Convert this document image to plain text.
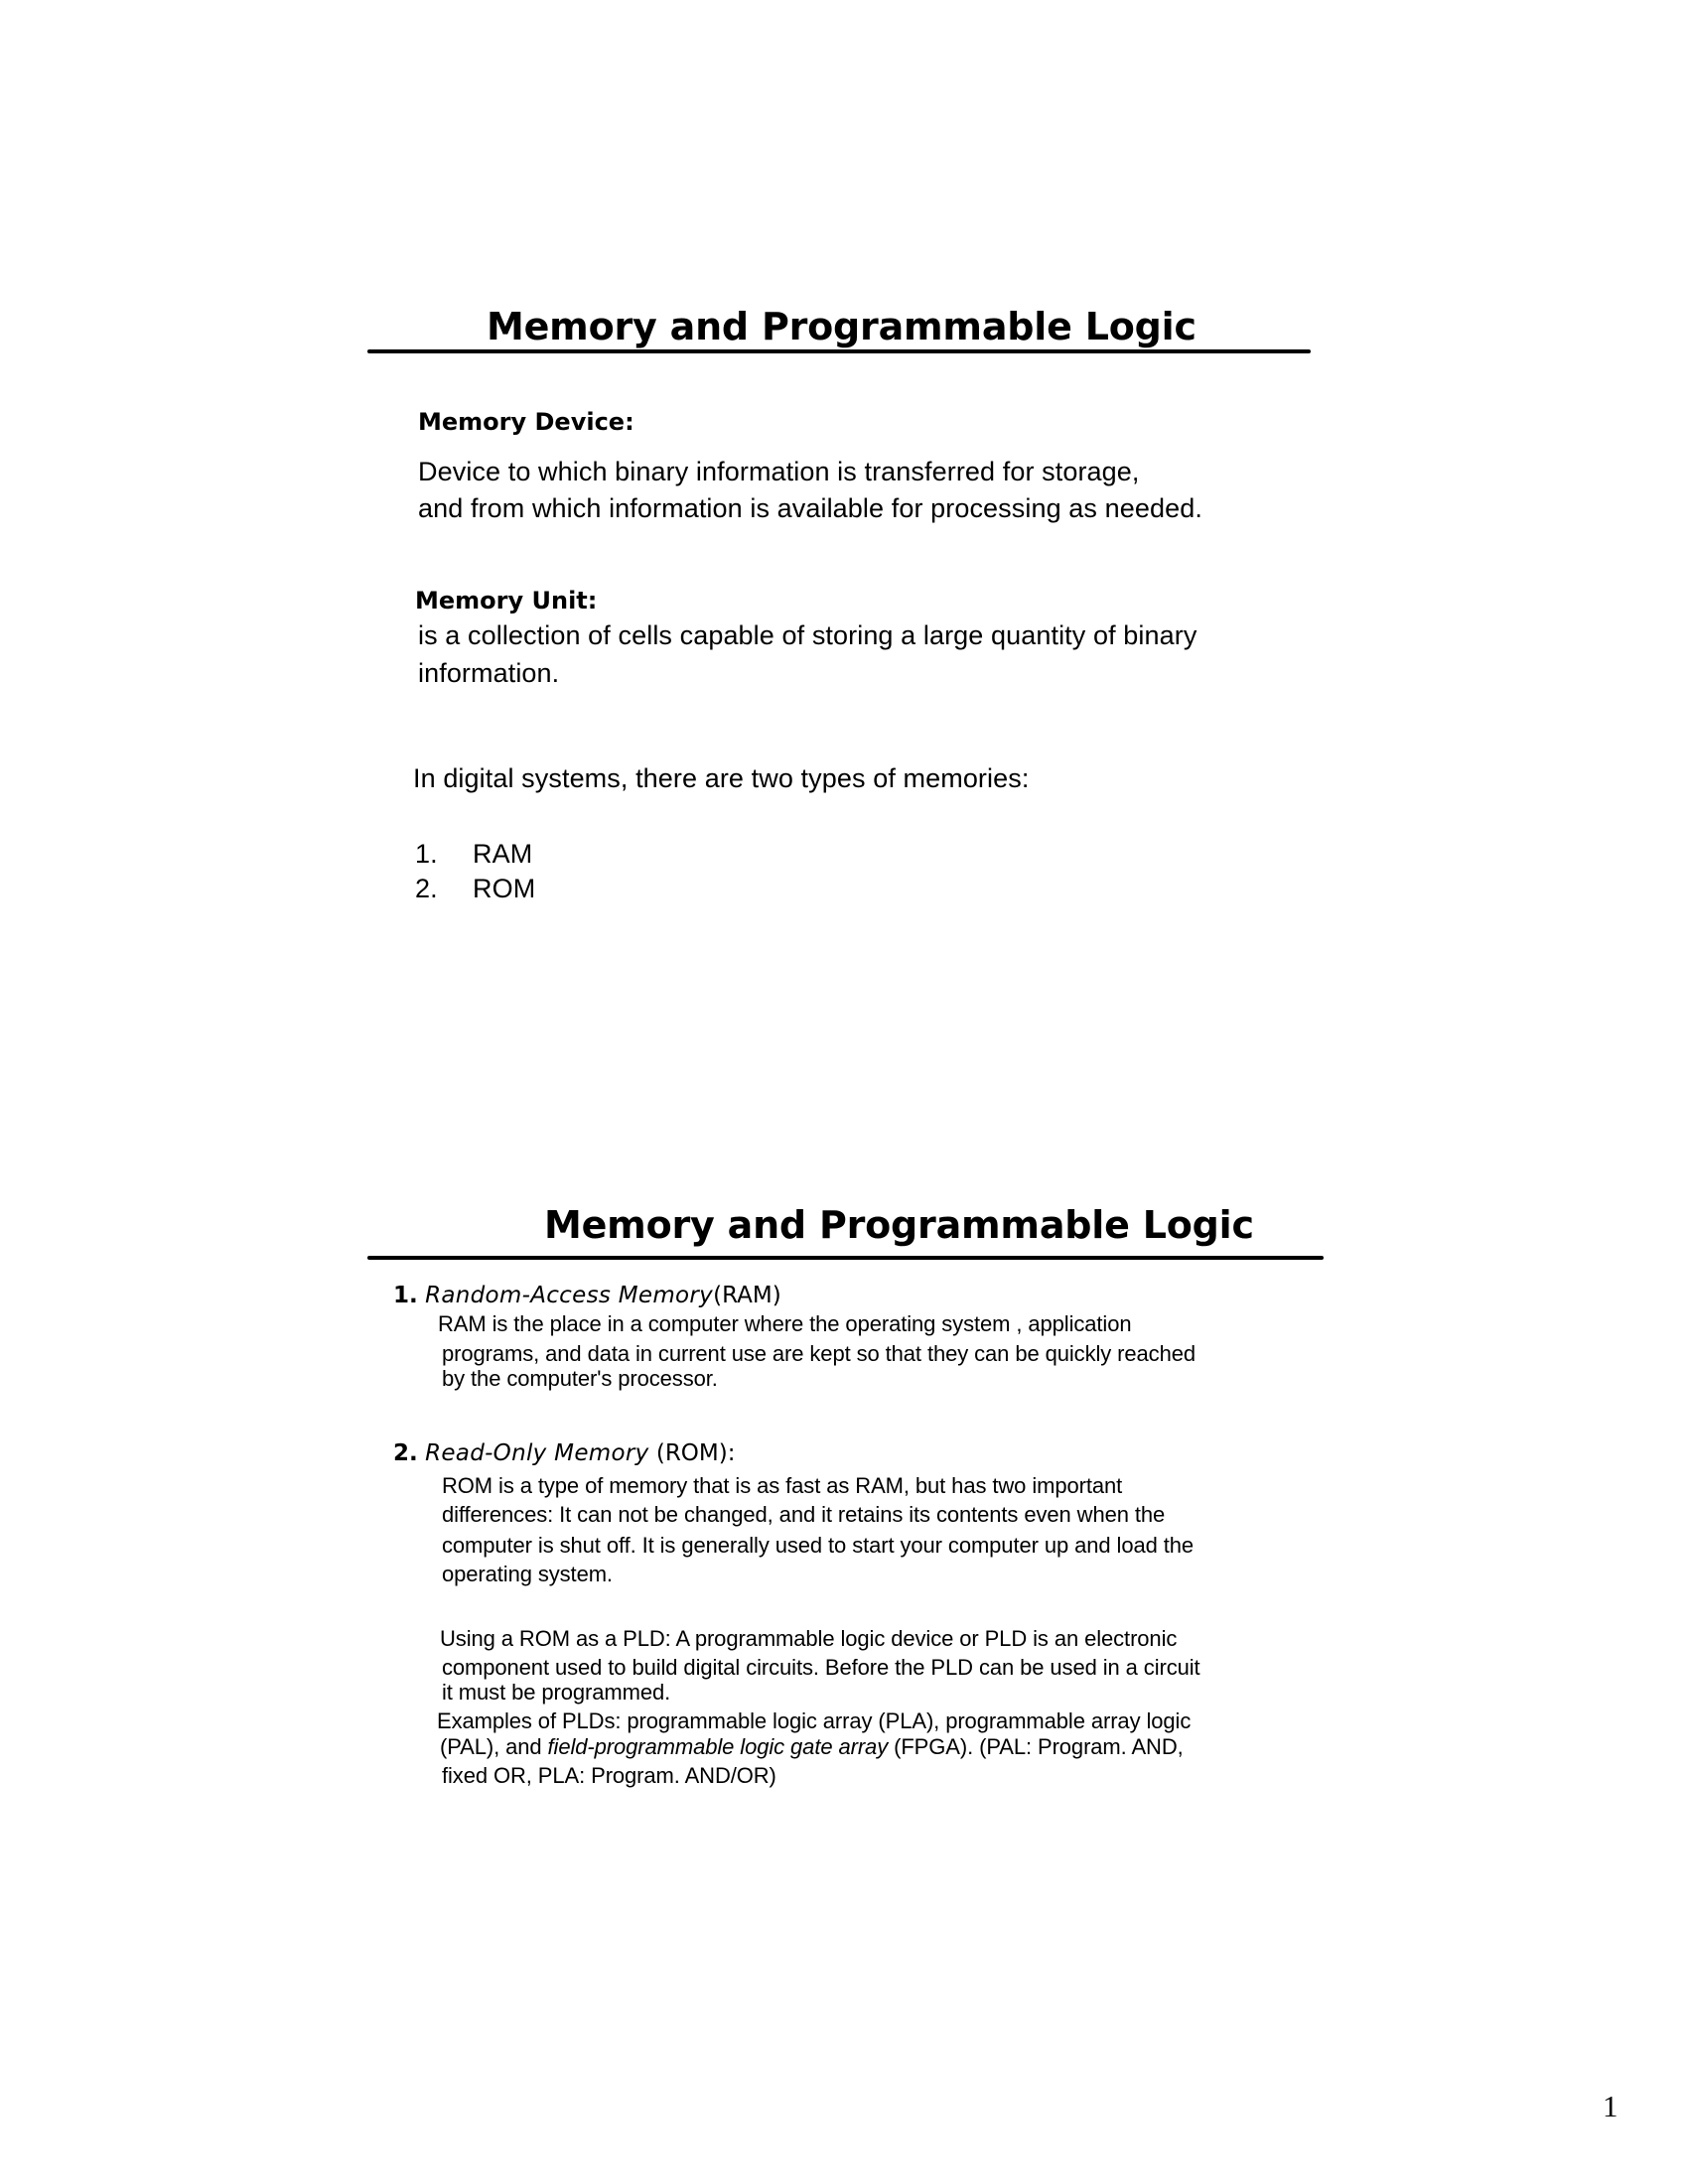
Memory and Programmable Logic
Memory Device:
Device to which binary information is transferred for storage,
and from which information is available for processing as needed.
Memory Unit:
is a collection of cells capable of storing a large quantity of binary
information.
In digital systems, there are two types of memories:
1. RAM
2. ROM
Memory and Programmable Logic
1. Random-Access Memory(RAM)
RAM is the place in a computer where the operating system , application
programs, and data in current use are kept so that they can be quickly reached
by the computer's processor.
2. Read-Only Memory (ROM):
ROM is a type of memory that is as fast as RAM, but has two important
differences: It can not be changed, and it retains its contents even when the
computer is shut off. It is generally used to start your computer up and load the
operating system.
Using a ROM as a PLD: A programmable logic device or PLD is an electronic
component used to build digital circuits. Before the PLD can be used in a circuit
it must be programmed.
Examples of PLDs: programmable logic array (PLA), programmable array logic
(PAL), and field-programmable logic gate array (FPGA). (PAL: Program. AND,
fixed OR, PLA: Program. AND/OR)
1
